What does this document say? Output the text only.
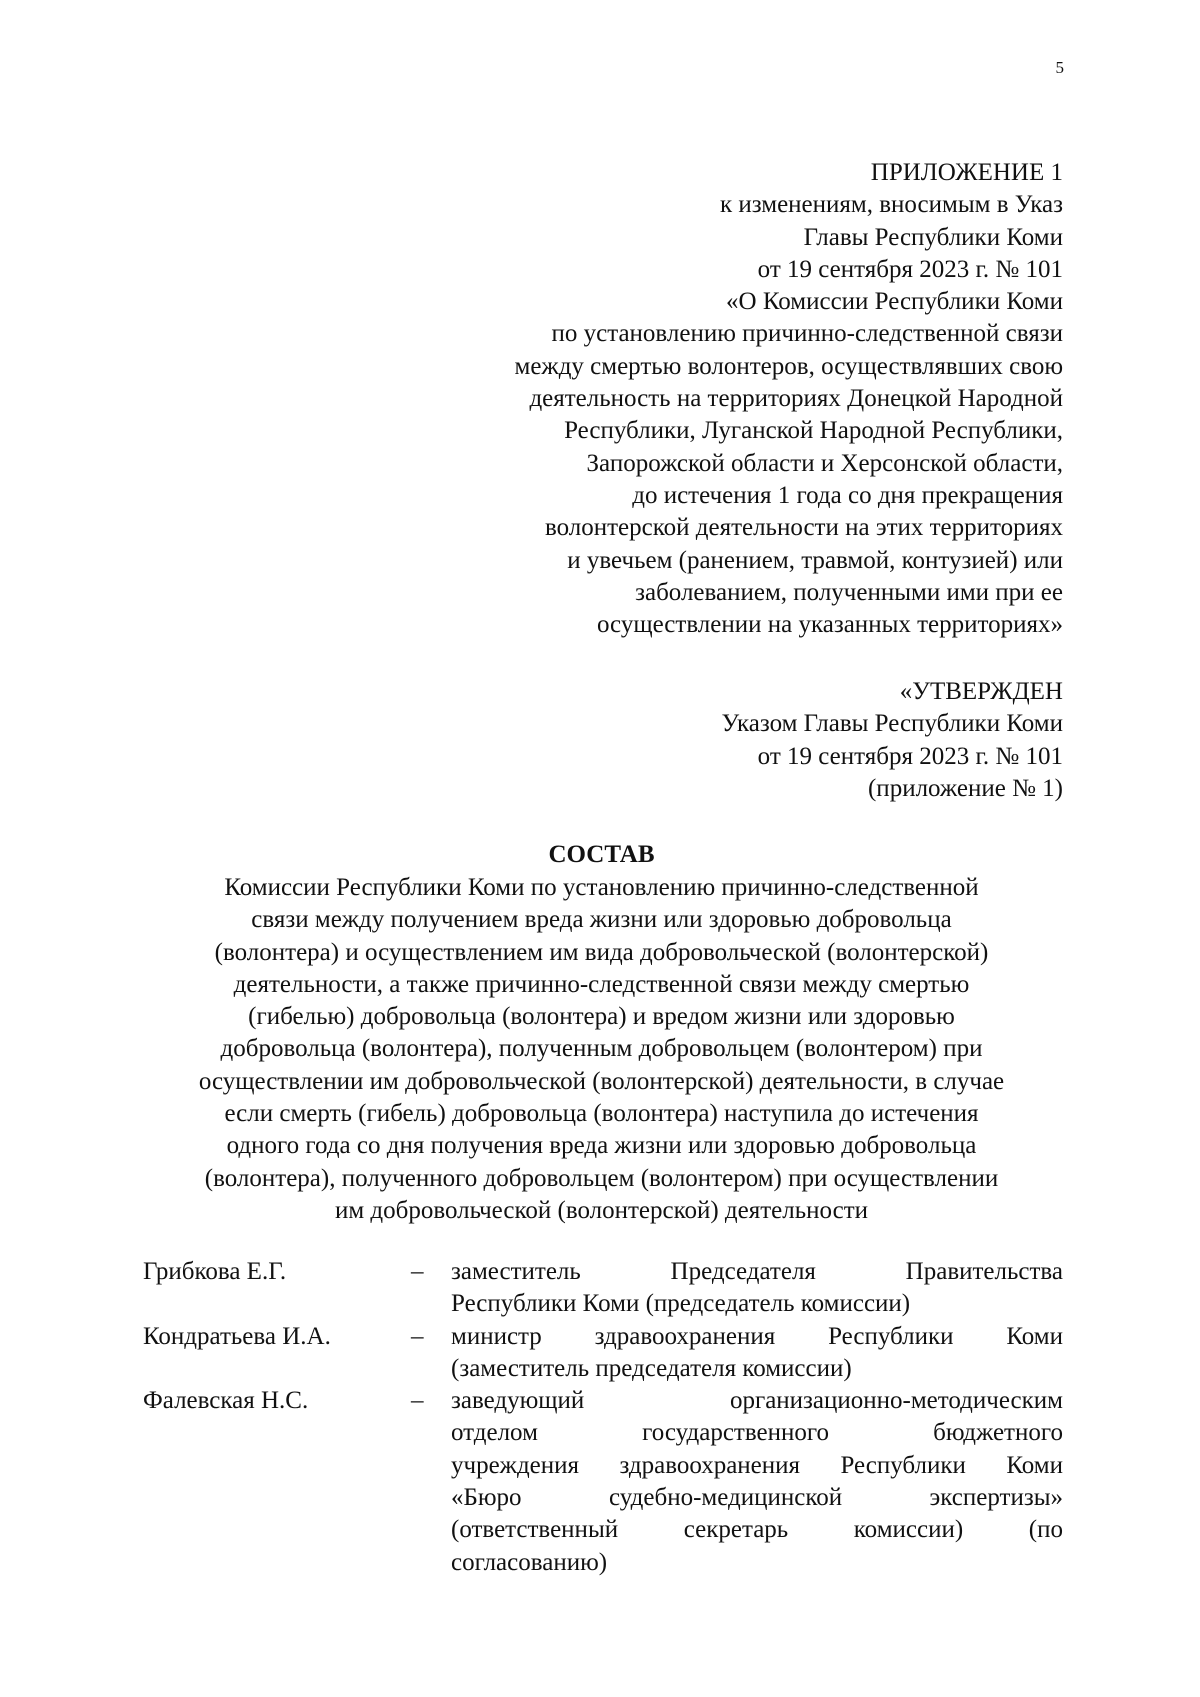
5
ПРИЛОЖЕНИЕ 1
к изменениям, вносимым в Указ
Главы Республики Коми
от 19 сентября 2023 г. № 101
«О Комиссии Республики Коми
по установлению причинно-следственной связи
между смертью волонтеров, осуществлявших свою
деятельность на территориях Донецкой Народной
Республики, Луганской Народной Республики,
Запорожской области и Херсонской области,
до истечения 1 года со дня прекращения
волонтерской деятельности на этих территориях
и увечьем (ранением, травмой, контузией) или
заболеванием, полученными ими при ее
осуществлении на указанных территориях»
«УТВЕРЖДЕН
Указом Главы Республики Коми
от 19 сентября 2023 г. № 101
(приложение № 1)
СОСТАВ
Комиссии Республики Коми по установлению причинно-следственной
связи между получением вреда жизни или здоровью добровольца
(волонтера) и осуществлением им вида добровольческой (волонтерской)
деятельности, а также причинно-следственной связи между смертью
(гибелью) добровольца (волонтера) и вредом жизни или здоровью
добровольца (волонтера), полученным добровольцем (волонтером) при
осуществлении им добровольческой (волонтерской) деятельности, в случае
если смерть (гибель) добровольца (волонтера) наступила до истечения
одного года со дня получения вреда жизни или здоровью добровольца
(волонтера), полученного добровольцем (волонтером) при осуществлении
им добровольческой (волонтерской) деятельности
Грибкова Е.Г.	–	заместитель Председателя Правительства
Республики Коми (председатель комиссии)
Кондратьева И.А.	–	министр здравоохранения Республики Коми
(заместитель председателя комиссии)
Фалевская Н.С.	–	заведующий организационно-методическим
отделом государственного бюджетного
учреждения здравоохранения Республики Коми
«Бюро судебно-медицинской экспертизы»
(ответственный секретарь комиссии) (по
согласованию)
